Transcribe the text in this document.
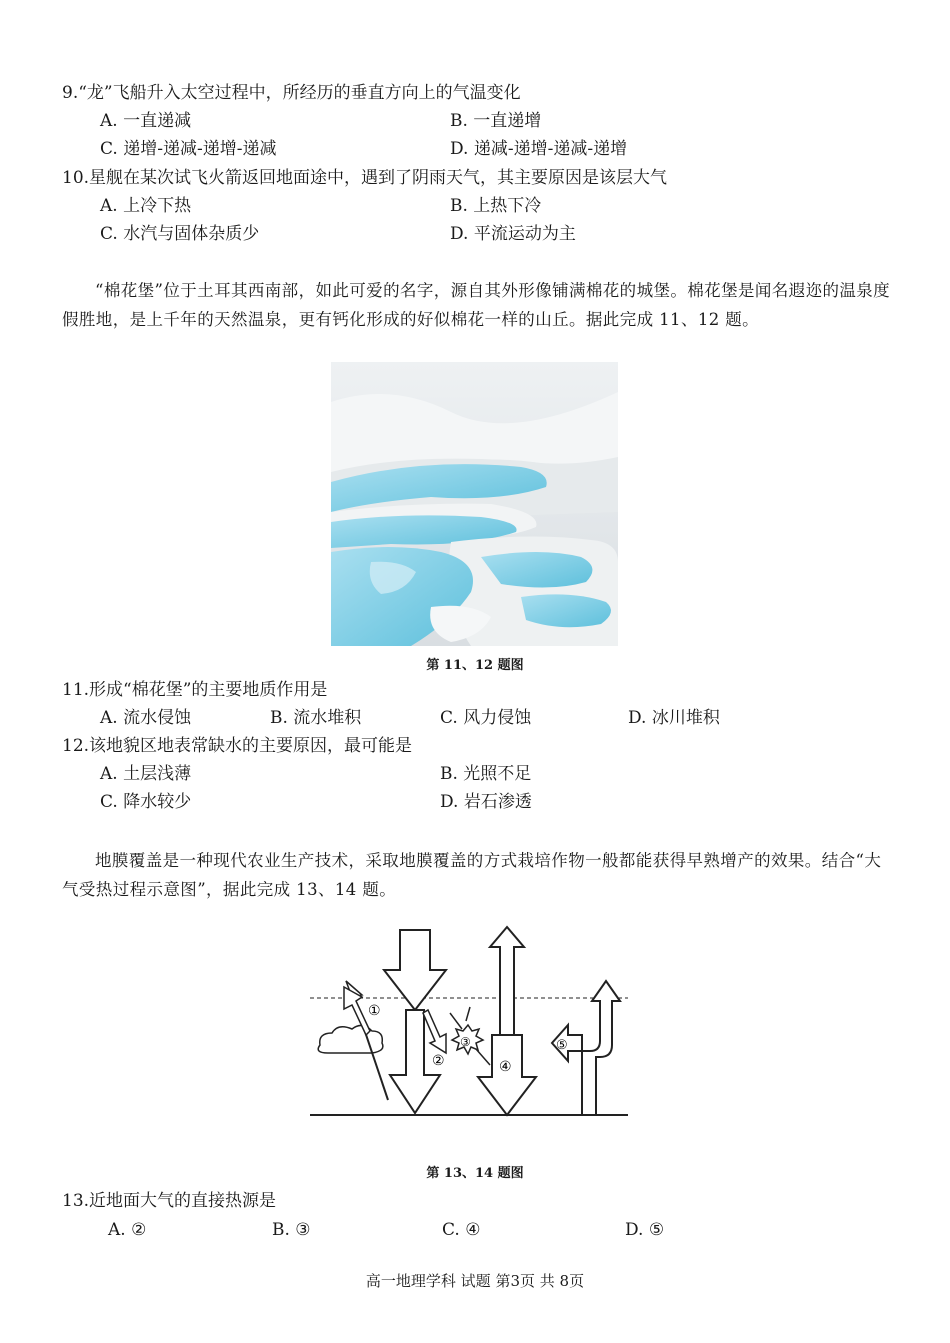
9.“龙”飞船升入太空过程中，所经历的垂直方向上的气温变化
A. 一直递减	B. 一直递增
C. 递增-递减-递增-递减	D. 递减-递增-递减-递增
10.星舰在某次试飞火箭返回地面途中，遇到了阴雨天气，其主要原因是该层大气
A. 上冷下热	B. 上热下冷
C. 水汽与固体杂质少	D. 平流运动为主
“棉花堡”位于土耳其西南部，如此可爱的名字，源自其外形像铺满棉花的城堡。棉花堡是闻名遐迩的温泉度假胜地，是上千年的天然温泉，更有钙化形成的好似棉花一样的山丘。据此完成 11、12 题。
第 11、12 题图
11.形成“棉花堡”的主要地质作用是
A. 流水侵蚀	B. 流水堆积	C. 风力侵蚀	D. 冰川堆积
12.该地貌区地表常缺水的主要原因，最可能是
A. 土层浅薄	B. 光照不足
C. 降水较少	D. 岩石渗透
地膜覆盖是一种现代农业生产技术，采取地膜覆盖的方式栽培作物一般都能获得早熟增产的效果。结合“大气受热过程示意图”，据此完成 13、14 题。
①
②
③
④
⑤
第 13、14 题图
13.近地面大气的直接热源是
A. ②	B. ③	C. ④	D. ⑤
高一地理学科 试题 第3页 共 8页
